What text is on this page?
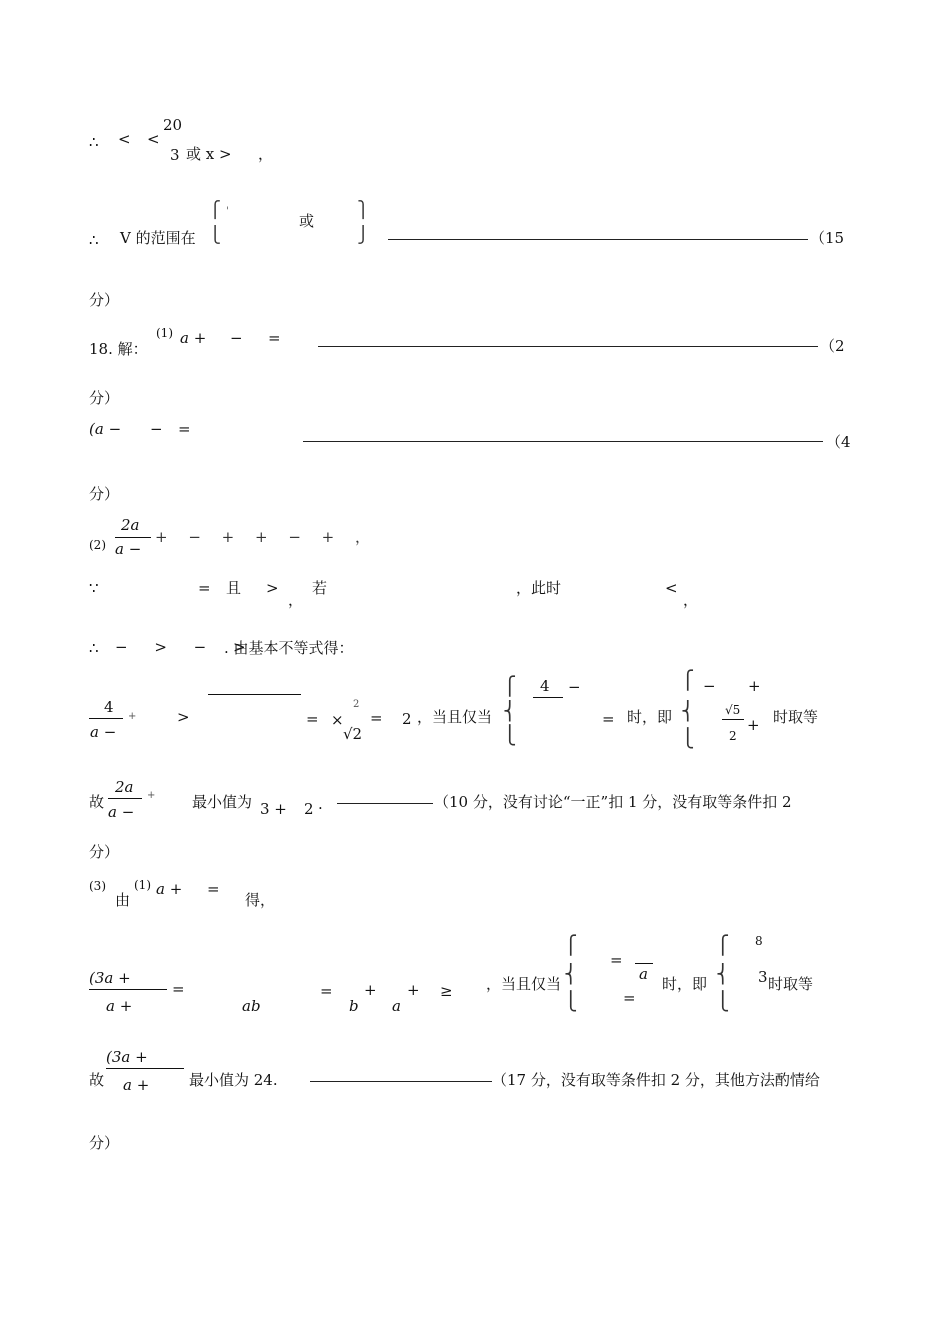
∴ < <
20
3 或 x > ，
∴ V 的范围在
⎧
⎩
'
或
⎫
⎭	（15
分）
18. 解：
(1) a + − =	（2
分）
(a − − =
（4
分）
(2)
2a
a −
+ − + + − + ，
∵	= 且 >
，
若	，此时	<
，
∴ − > − >
. 由基本不等式得：
4
a −
+	>	= ×
2
√2
= 2 ，当且仅当
⎧
⎨
⎩
4 −
= 时，即
⎧
⎨
⎩
− +
√5
2
+ 时取等
故
2a
a −
+ 最小值为 3 + 2 .	（10 分，没有讨论“一正”扣 1 分，没有取等条件扣 2
分）
(3)
由
(1) a + =
得，
(3a +
a +
=
ab
=
b
+
a
+ ≥ ，当且仅当
⎧
⎨
⎩
=
a
=
时，即
⎧
⎨
⎩
8
3 时取等
故
(3a +
a +	最小值为 24.	（17 分，没有取等条件扣 2 分，其他方法酌情给
分）
